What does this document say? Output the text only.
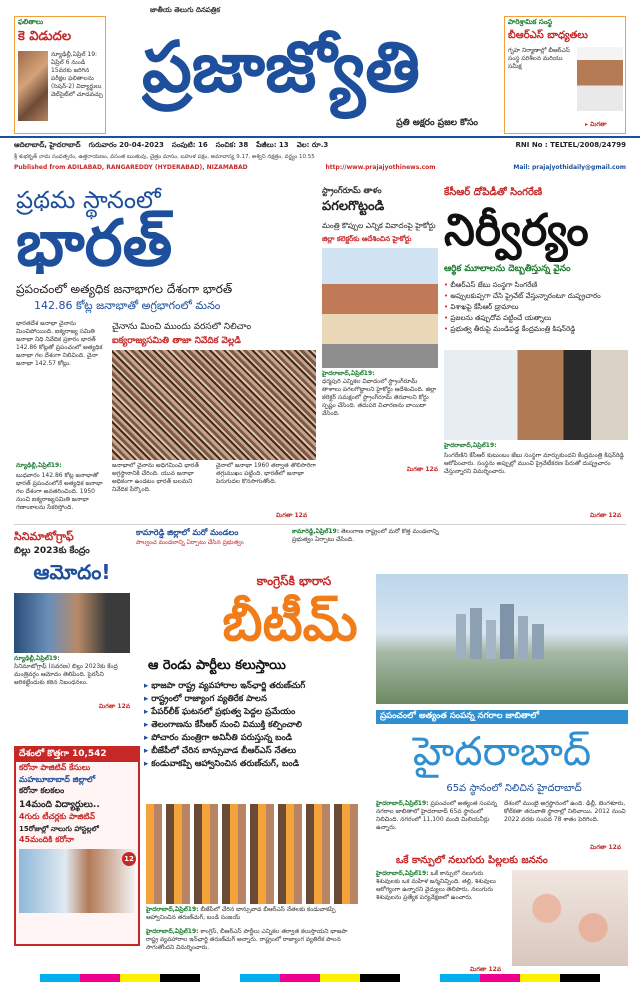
ఫలితాలు
కె విడుదల
న్యూఢిల్లీ,ఏప్రిల్ 19: ఏప్రిల్ 6 నుండి 15వరకు జరిగిన పరీక్షల ఫలితాలను (సెషన్-2) విద్యార్థులు వెబ్‌సైట్‌లో చూడవచ్చు
జాతీయ తెలుగు దినపత్రిక
ప్రజాజ్యోతి
ప్రతి అక్షరం ప్రజల కోసం
పారిశ్రామిక సంస్థ
బీఆర్ఎస్ బాధ్యతలు
గృహ నిర్మాణాల్లో బీఆర్ఎస్ సంస్థ పరిశీలన మరియు సమీక్ష
▸ మిగతా
ఆదిలాబాద్, హైదరాబాద్ గురువారం 20-04-2023 సంపుటి: 16 సంచిక: 38 పేజీలు: 13 వెల: రూ.3	RNI No : TELTEL/2008/24799
శ్రీ శుభకృత్ నామ సంవత్సరం, ఉత్తరాయణం, వసంత ఋతువు, చైత్రం మాసం, బహుళ పక్షం, అమావాస్య 9.17, అశ్విని నక్షత్రం, వర్జ్యం 10.55
Published from ADILABAD, RANGAREDDY (HYDERABAD), NIZAMABAD	http://www.prajajyothinews.com	Mail: prajajyothidaily@gmail.com
ప్రథమ స్థానంలో
భారత్
ప్రపంచంలో అత్యధిక జనాభాగల దేశంగా భారత్
142.86 కోట్ల జనాభాతో అగ్రభాగంలో మనం
భారతదేశ జనాభా చైనాను మించిపోయింది. ఐక్యరాజ్య సమితి జనాభా నిధి నివేదిక ప్రకారం భారత్ 142.86 కోట్లతో ప్రపంచంలో అత్యధిక జనాభా గల దేశంగా నిలిచింది. చైనా జనాభా 142.57 కోట్లు.
చైనాను మించి ముందు వరసలో నిలిచాం
ఐక్యరాజ్యసమితి తాజా నివేదిక వెల్లడి
న్యూఢిల్లీ,ఏప్రిల్19:
బుధవారం 142.86 కోట్ల జనాభాతో భారత్ ప్రపంచంలోనే అత్యధిక జనాభా గల దేశంగా అవతరించింది. 1950 నుంచి ఐక్యరాజ్యసమితి జనాభా గణాంకాలను సేకరిస్తోంది.
జనాభాలో చైనాను అధిగమించి భారత్ అగ్రస్థానానికి చేరింది. యువ జనాభా అధికంగా ఉండటం భారత్ బలమని నివేదిక పేర్కొంది.
చైనాలో జనాభా 1960 తర్వాత తొలిసారిగా తగ్గుముఖం పట్టింది. భారత్‌లో జనాభా పెరుగుదల కొనసాగుతోంది.
మిగతా 12వ
స్ట్రాంగ్‌రూమ్ తాళం
పగలగొట్టండి
మంత్రి కొప్పుల ఎన్నిక వివాదంపై హైకోర్టు
జిల్లా కలెక్టర్‌కు ఆదేశించిన హైకోర్టు
హైదరాబాద్,ఏప్రిల్19:
ధర్మపురి ఎన్నికల వివాదంలో స్ట్రాంగ్‌రూమ్ తాళాలు పగలగొట్టాలని హైకోర్టు ఆదేశించింది. జిల్లా కలెక్టర్ సమక్షంలో స్ట్రాంగ్‌రూమ్ తెరవాలని కోర్టు స్పష్టం చేసింది. తదుపరి విచారణను వాయిదా వేసింది.
మిగతా 12వ
కేసీఆర్ దోపిడీతో సింగరేణి
నిర్వీర్యం
ఆర్థిక మూలాలను దెబ్బతీస్తున్న వైనం
• బీఆర్ఎస్ జేబు సంస్థగా సింగరేణి
• అప్పులకుప్పగా చేసి ప్రైవేట్ వేస్తున్నారంటూ దుష్ప్రచారం
• విశాఖపై కేసీఆర్ డ్రామాలు
• ప్రజలను తప్పుదోవ పట్టించే యత్నాలు
• ప్రభుత్వ తీరుపై మండిపడ్డ కేంద్రమంత్రి కిషన్‌రెడ్డి
హైదరాబాద్,ఏప్రిల్19:
సింగరేణిని కేసీఆర్ కుటుంబం జేబు సంస్థగా మార్చుకుందని కేంద్రమంత్రి కిషన్‌రెడ్డి ఆరోపించారు. సంస్థను అప్పుల్లో ముంచి ప్రైవేటీకరణ పేరుతో దుష్ప్రచారం చేస్తున్నారని విమర్శించారు.
మిగతా 12వ
కామారెడ్డి జిల్లాలో మరో మండలం
పాల్వంచ మండలాన్ని ఏర్పాటు చేసిన ప్రభుత్వం
కామారెడ్డి,ఏప్రిల్19: తెలంగాణ రాష్ట్రంలో మరో కొత్త మండలాన్ని ప్రభుత్వం ఏర్పాటు చేసింది.
సినిమాటోగ్రాఫ్
బిల్లు 2023కు కేంద్రం
ఆమోదం!
న్యూఢిల్లీ,ఏప్రిల్19:
సినిమాటోగ్రాఫ్ (సవరణ) బిల్లు 2023కు కేంద్ర మంత్రివర్గం ఆమోదం తెలిపింది. పైరసీని అరికట్టేందుకు కఠిన నిబంధనలు.
మిగతా 12వ
కాంగ్రెస్‌కి భారాస
బీటీమ్
ఆ రెండు పార్టీలు కలుస్తాయి
▸ భాజపా రాష్ట్ర వ్యవహారాల ఇన్‌ఛార్జి తరుణ్‌చుగ్
▸ రాష్ట్రంలో రాజ్యాంగ వ్యతిరేక పాలన
▸ పేపర్‌లీక్ ఘటనలో ప్రభుత్వ పెద్దల ప్రమేయం
▸ తెలంగాణను కేసీఆర్ నుంచి విముక్తి కల్పించాలి
▸ పోచారం మంత్రిగా అవినీతి పరుస్తున్న బండి
▸ బీజేపీలో చేరిన బాన్సువాడ బీఆర్ఎస్ నేతలు
▸ కండువాకప్పి ఆహ్వానించిన తరుణ్‌చుగ్, బండి
హైదరాబాద్,ఏప్రిల్19: బీజేపీలో చేరిన బాన్సువాడ బీఆర్ఎస్ నేతలకు కండువాకప్పి ఆహ్వానించిన తరుణ్‌చుగ్, బండి సంజయ్
హైదరాబాద్,ఏప్రిల్19: కాంగ్రెస్, బీఆర్ఎస్ పార్టీలు ఎన్నికల తర్వాత కలుస్తాయని భాజపా రాష్ట్ర వ్యవహారాల ఇన్‌ఛార్జి తరుణ్‌చుగ్ అన్నారు. రాష్ట్రంలో రాజ్యాంగ వ్యతిరేక పాలన సాగుతోందని విమర్శించారు.
దేశంలో కొత్తగా 10,542
కరోనా పాజిటివ్ కేసులు
మహబూబాబాద్ జిల్లాలో
కరోనా కలకలం
14మంది విద్యార్థులు..
4గురు టీచర్లకు పాజిటివ్
15రోజుల్లో నాలుగు హాస్టల్లలో
45మందికి కరోనా
12
ప్రపంచంలో అత్యంత సంపన్న నగరాల జాబితాలో
హైదరాబాద్
65వ స్థానంలో నిలిచిన హైదరాబాద్
హైదరాబాద్,ఏప్రిల్19: ప్రపంచంలో అత్యంత సంపన్న నగరాల జాబితాలో హైదరాబాద్ 65వ స్థానంలో నిలిచింది. నగరంలో 11,100 మంది మిలియనీర్లు ఉన్నారు.
దేశంలో ముంబై అగ్రస్థానంలో ఉంది. ఢిల్లీ, బెంగళూరు, కోల్‌కతా తరువాతి స్థానాల్లో నిలిచాయి. 2012 నుంచి 2022 వరకు సంపద 78 శాతం పెరిగింది.
మిగతా 12వ
ఒకే కాన్పులో నలుగురు పిల్లలకు జననం
హైదరాబాద్,ఏప్రిల్19: ఒకే కాన్పులో నలుగురు శిశువులకు ఒక మహిళ జన్మనిచ్చింది. తల్లి, శిశువులు ఆరోగ్యంగా ఉన్నారని వైద్యులు తెలిపారు. నలుగురు శిశువులను ప్రత్యేక పర్యవేక్షణలో ఉంచారు.
మిగతా 12వ
